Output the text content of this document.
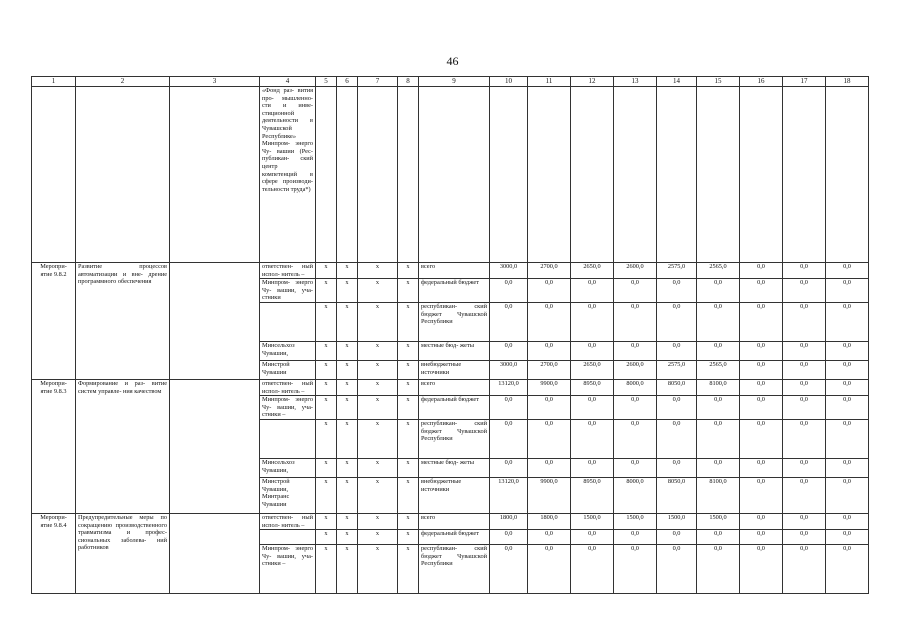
46
1	2	3	4	5	6	7	8	9	10	11	12	13	14	15	16	17	18
			«Фонд раз- вития про- мышленно- сти и инве- стиционной деятельности в Чувашской Республике» Минпром- энерго Чу- вашии (Рес- публикан- ский центр компетенций в сфере производи- тельности труда*)														
Меропри- ятие 9.8.2	Развитие процессов автоматизации и вне- дрение программного обеспечения		ответствен- ный испол- нитель –	x	x	x	x	всего	3000,0	2700,0	2650,0	2600,0	2575,0	2565,0	0,0	0,0	0,0
			Минпром- энерго Чу- вашии, уча- стники	x	x	x	x	федеральный бюджет	0,0	0,0	0,0	0,0	0,0	0,0	0,0	0,0	0,0
				x	x	x	x	республикан- ский бюджет Чувашской Республики	0,0	0,0	0,0	0,0	0,0	0,0	0,0	0,0	0,0
			Минсельхоз Чувашии,	x	x	x	x	местные бюд- жеты	0,0	0,0	0,0	0,0	0,0	0,0	0,0	0,0	0,0
			Минстрой Чувашии	x	x	x	x	внебюджетные источники	3000,0	2700,0	2650,0	2600,0	2575,0	2565,0	0,0	0,0	0,0
Меропри- ятие 9.8.3	Формирование и раз- витие систем управле- ния качеством		ответствен- ный испол- нитель –	x	x	x	x	всего	13120,0	9900,0	8950,0	8000,0	8050,0	8100,0	0,0	0,0	0,0
			Минпром- энерго Чу- вашии, уча- стники –	x	x	x	x	федеральный бюджет	0,0	0,0	0,0	0,0	0,0	0,0	0,0	0,0	0,0
				x	x	x	x	республикан- ский бюджет Чувашской Республики	0,0	0,0	0,0	0,0	0,0	0,0	0,0	0,0	0,0
			Минсельхоз Чувашии,	x	x	x	x	местные бюд- жеты	0,0	0,0	0,0	0,0	0,0	0,0	0,0	0,0	0,0
			Минстрой Чувашии, Минтранс Чувашии	x	x	x	x	внебюджетные источники	13120,0	9900,0	8950,0	8000,0	8050,0	8100,0	0,0	0,0	0,0
Меропри- ятие 9.8.4	Предупредительные меры по сокращению производственного травматизма и профес- сиональных заболева- ний работников		ответствен- ный испол- нитель –	x	x	x	x	всего	1800,0	1800,0	1500,0	1500,0	1500,0	1500,0	0,0	0,0	0,0
				x	x	x	x	федеральный бюджет	0,0	0,0	0,0	0,0	0,0	0,0	0,0	0,0	0,0
			Минпром- энерго Чу- вашии, уча- стники –	x	x	x	x	республикан- ский бюджет Чувашской Республики	0,0	0,0	0,0	0,0	0,0	0,0	0,0	0,0	0,0
